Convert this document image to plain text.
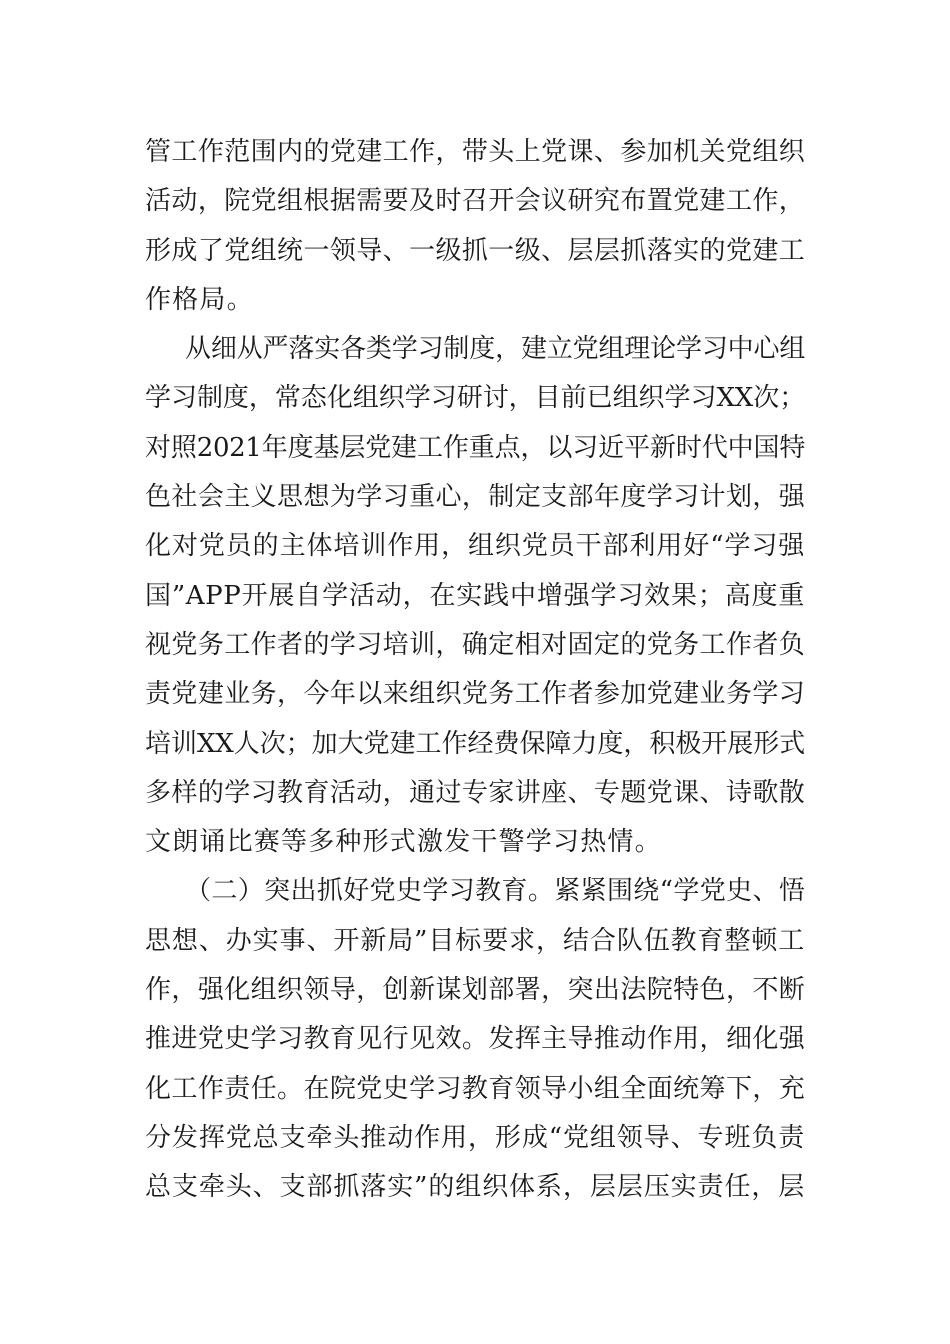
管工作范围内的党建工作，带头上党课、参加机关党组织
活动，院党组根据需要及时召开会议研究布置党建工作，
形成了党组统一领导、一级抓一级、层层抓落实的党建工
作格局。
从细从严落实各类学习制度，建立党组理论学习中心组
学习制度，常态化组织学习研讨，目前已组织学习XX次；
对照2021年度基层党建工作重点，以习近平新时代中国特
色社会主义思想为学习重心，制定支部年度学习计划，强
化对党员的主体培训作用，组织党员干部利用好“学习强
国”APP开展自学活动，在实践中增强学习效果；高度重
视党务工作者的学习培训，确定相对固定的党务工作者负
责党建业务，今年以来组织党务工作者参加党建业务学习
培训XX人次；加大党建工作经费保障力度，积极开展形式
多样的学习教育活动，通过专家讲座、专题党课、诗歌散
文朗诵比赛等多种形式激发干警学习热情。
（二）突出抓好党史学习教育。紧紧围绕“学党史、悟
思想、办实事、开新局”目标要求，结合队伍教育整顿工
作，强化组织领导，创新谋划部署，突出法院特色，不断
推进党史学习教育见行见效。发挥主导推动作用，细化强
化工作责任。在院党史学习教育领导小组全面统筹下，充
分发挥党总支牵头推动作用，形成“党组领导、专班负责
总支牵头、支部抓落实”的组织体系，层层压实责任，层
